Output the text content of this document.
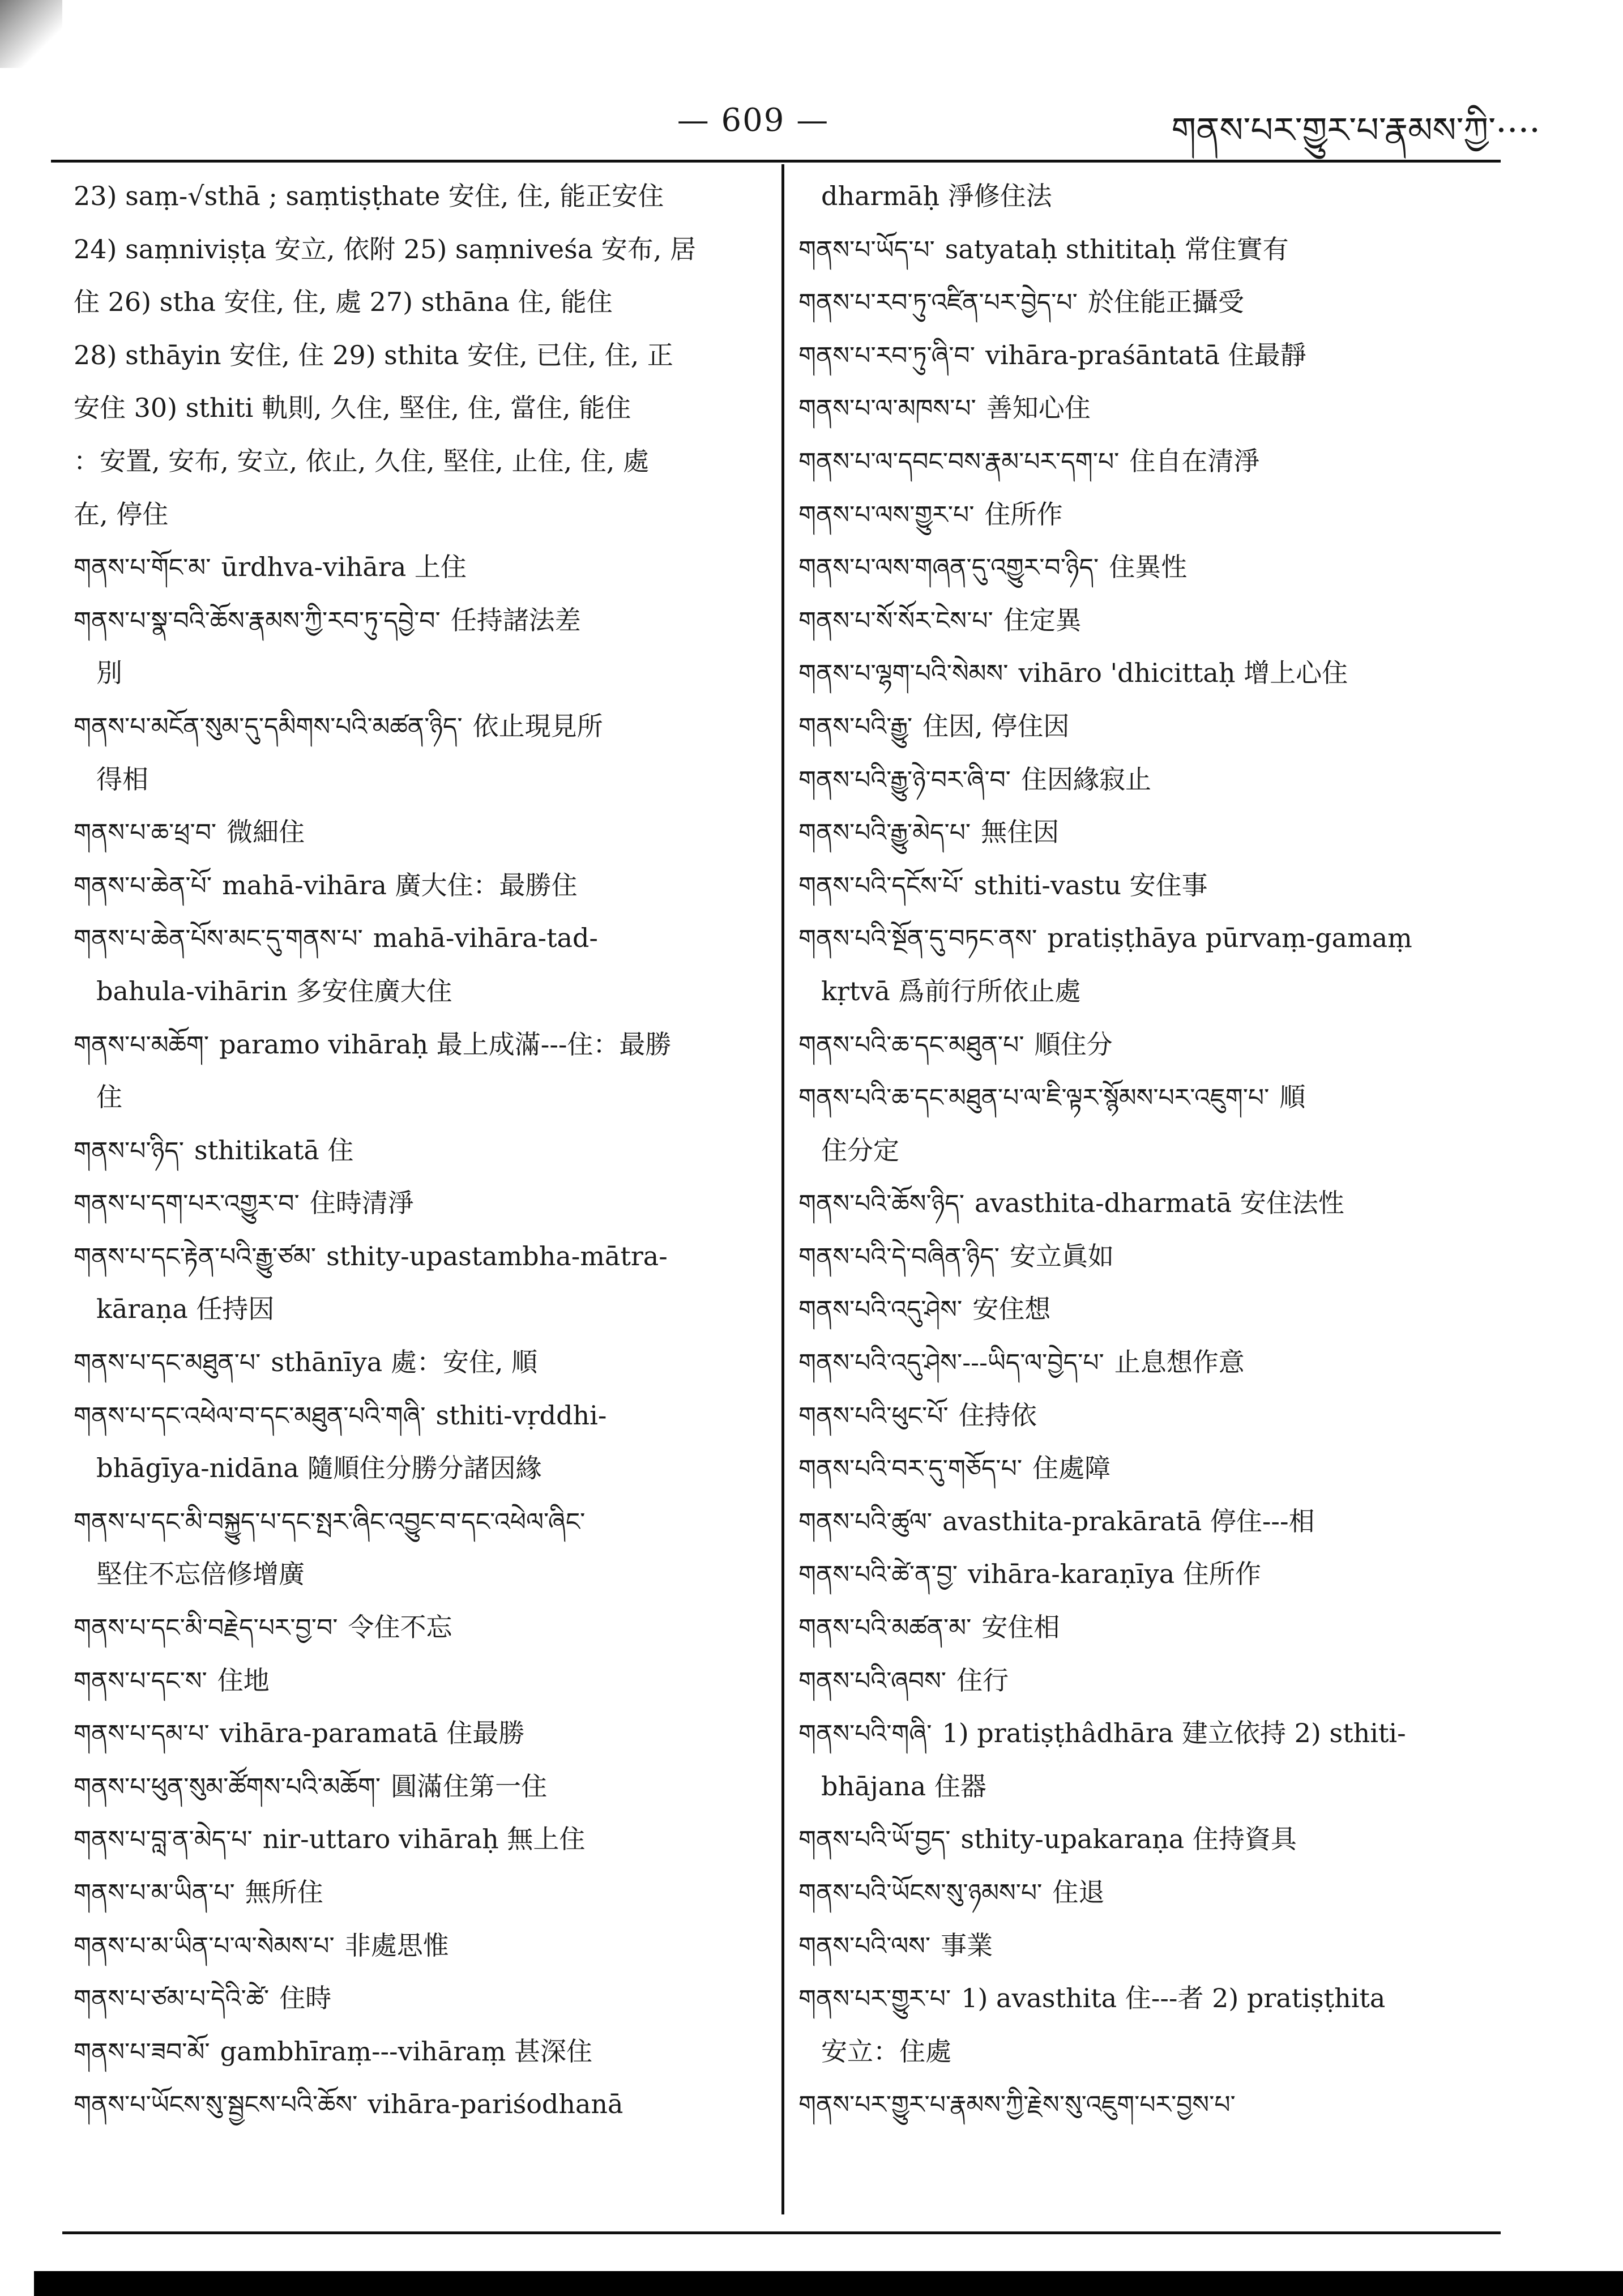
— 609 —	གནས་པར་གྱུར་པ་རྣམས་ཀྱི་····
23) saṃ-√sthā ; saṃtiṣṭhate 安住, 住, 能正安住
24) saṃniviṣṭa 安立, 依附 25) saṃniveśa 安布, 居
住 26) stha 安住, 住, 處 27) sthāna 住, 能住
28) sthāyin 安住, 住 29) sthita 安住, 已住, 住, 正
安住 30) sthiti 軌則, 久住, 堅住, 住, 當住, 能住
：安置, 安布, 安立, 依止, 久住, 堅住, 止住, 住, 處
在, 停住
གནས་པ་གོང་མ་ ūrdhva-vihāra 上住
གནས་པ་སྣ་བའི་ཆོས་རྣམས་ཀྱི་རབ་ཏུ་དབྱེ་བ་ 任持諸法差
別
གནས་པ་མངོན་སུམ་དུ་དམིགས་པའི་མཚན་ཉིད་ 依止現見所
得相
གནས་པ་ཆ་ཕྲ་བ་ 微細住
གནས་པ་ཆེན་པོ་ mahā-vihāra 廣大住：最勝住
གནས་པ་ཆེན་པོས་མང་དུ་གནས་པ་ mahā-vihāra-tad-
bahula-vihārin 多安住廣大住
གནས་པ་མཆོག་ paramo vihāraḥ 最上成滿---住：最勝
住
གནས་པ་ཉིད་ sthitikatā 住
གནས་པ་དག་པར་འགྱུར་བ་ 住時清淨
གནས་པ་དང་རྟེན་པའི་རྒྱུ་ཙམ་ sthity-upastambha-mātra-
kāraṇa 任持因
གནས་པ་དང་མཐུན་པ་ sthānīya 處：安住, 順
གནས་པ་དང་འཕེལ་བ་དང་མཐུན་པའི་གཞི་ sthiti-vṛddhi-
bhāgīya-nidāna 隨順住分勝分諸因緣
གནས་པ་དང་མི་བསྐྱུད་པ་དང་སྤར་ཞིང་འབྱུང་བ་དང་འཕེལ་ཞིང་
堅住不忘倍修增廣
གནས་པ་དང་མི་བརྗེད་པར་བྱ་བ་ 令住不忘
གནས་པ་དང་ས་ 住地
གནས་པ་དམ་པ་ vihāra-paramatā 住最勝
གནས་པ་ཕུན་སུམ་ཚོགས་པའི་མཆོག་ 圓滿住第一住
གནས་པ་བླ་ན་མེད་པ་ nir-uttaro vihāraḥ 無上住
གནས་པ་མ་ཡིན་པ་ 無所住
གནས་པ་མ་ཡིན་པ་ལ་སེམས་པ་ 非處思惟
གནས་པ་ཙམ་པ་དེའི་ཚེ་ 住時
གནས་པ་ཟབ་མོ་ gambhīraṃ---vihāraṃ 甚深住
གནས་པ་ཡོངས་སུ་སྦྱངས་པའི་ཆོས་ vihāra-pariśodhanā
dharmāḥ 淨修住法
གནས་པ་ཡོད་པ་ satyataḥ sthititaḥ 常住實有
གནས་པ་རབ་ཏུ་འཛིན་པར་བྱེད་པ་ 於住能正攝受
གནས་པ་རབ་ཏུ་ཞི་བ་ vihāra-praśāntatā 住最靜
གནས་པ་ལ་མཁས་པ་ 善知心住
གནས་པ་ལ་དབང་བས་རྣམ་པར་དག་པ་ 住自在清淨
གནས་པ་ལས་གྱུར་པ་ 住所作
གནས་པ་ལས་གཞན་དུ་འགྱུར་བ་ཉིད་ 住異性
གནས་པ་སོ་སོར་ངེས་པ་ 住定異
གནས་པ་ལྷག་པའི་སེམས་ vihāro 'dhicittaḥ 增上心住
གནས་པའི་རྒྱུ་ 住因, 停住因
གནས་པའི་རྒྱུ་ཉེ་བར་ཞི་བ་ 住因緣寂止
གནས་པའི་རྒྱུ་མེད་པ་ 無住因
གནས་པའི་དངོས་པོ་ sthiti-vastu 安住事
གནས་པའི་སྔོན་དུ་བཏང་ནས་ pratiṣṭhāya pūrvaṃ-gamaṃ
kṛtvā 爲前行所依止處
གནས་པའི་ཆ་དང་མཐུན་པ་ 順住分
གནས་པའི་ཆ་དང་མཐུན་པ་ལ་ཇི་ལྟར་སྙོམས་པར་འཇུག་པ་ 順
住分定
གནས་པའི་ཆོས་ཉིད་ avasthita-dharmatā 安住法性
གནས་པའི་དེ་བཞིན་ཉིད་ 安立眞如
གནས་པའི་འདུ་ཤེས་ 安住想
གནས་པའི་འདུ་ཤེས་---ཡིད་ལ་བྱེད་པ་ 止息想作意
གནས་པའི་ཕུང་པོ་ 住持依
གནས་པའི་བར་དུ་གཅོད་པ་ 住處障
གནས་པའི་ཚུལ་ avasthita-prakāratā 停住---相
གནས་པའི་ཚེ་ན་བྱ་ vihāra-karaṇīya 住所作
གནས་པའི་མཚན་མ་ 安住相
གནས་པའི་ཞབས་ 住行
གནས་པའི་གཞི་ 1) pratiṣṭhâdhāra 建立依持 2) sthiti-
bhājana 住器
གནས་པའི་ཡོ་བྱད་ sthity-upakaraṇa 住持資具
གནས་པའི་ཡོངས་སུ་ཉམས་པ་ 住退
གནས་པའི་ལས་ 事業
གནས་པར་གྱུར་པ་ 1) avasthita 住---者 2) pratiṣṭhita
安立：住處
གནས་པར་གྱུར་པ་རྣམས་ཀྱི་རྗེས་སུ་འཇུག་པར་བྱས་པ་
